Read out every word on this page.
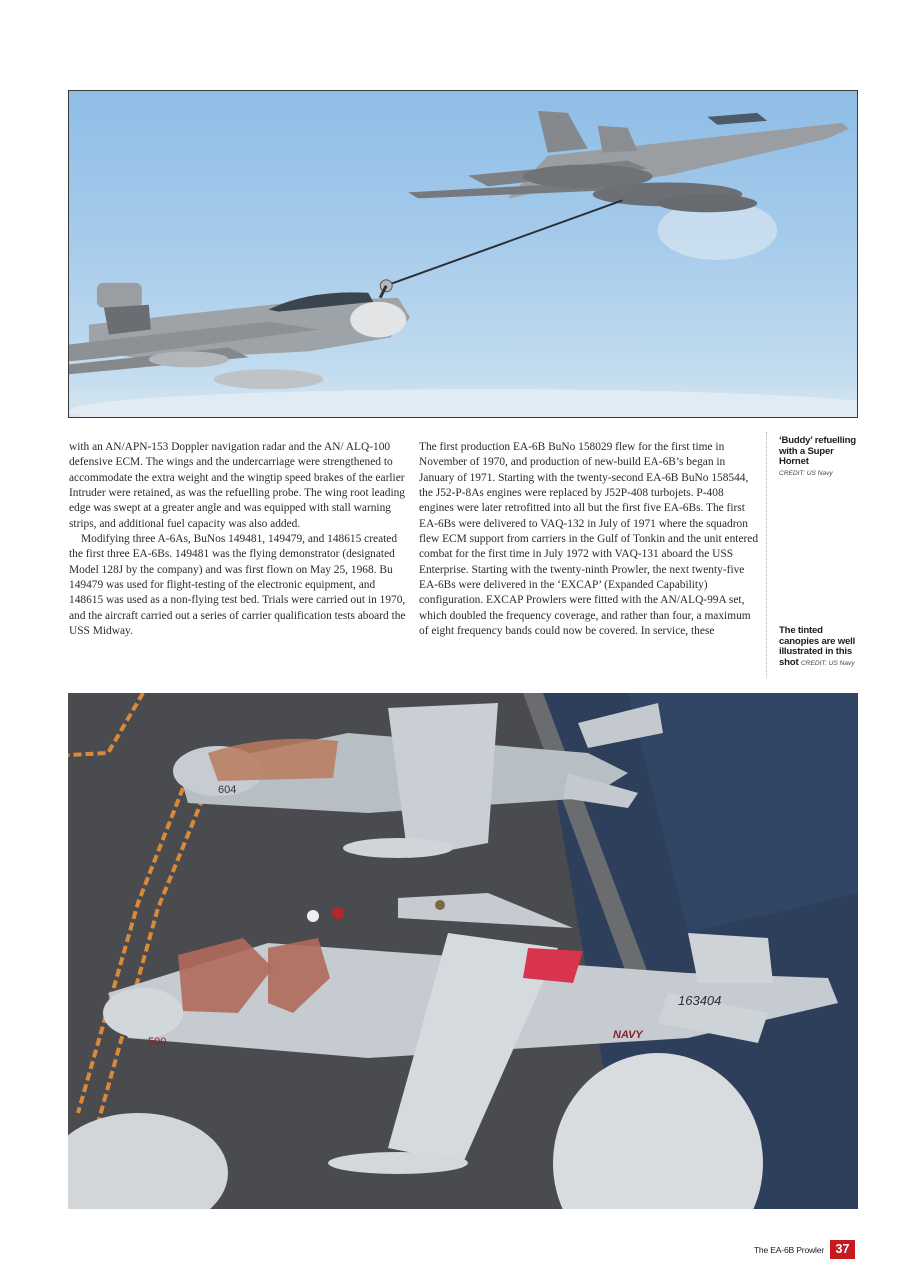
with an AN/APN-153 Doppler navigation radar and the AN/ ALQ-100 defensive ECM. The wings and the undercarriage were strengthened to accommodate the extra weight and the wingtip speed brakes of the earlier Intruder were retained, as was the refuelling probe. The wing root leading edge was swept at a greater angle and was equipped with stall warning strips, and additional fuel capacity was also added.

Modifying three A-6As, BuNos 149481, 149479, and 148615 created the first three EA-6Bs. 149481 was the flying demonstrator (designated Model 128J by the company) and was first flown on May 25, 1968. Bu 149479 was used for flight-testing of the electronic equipment, and 148615 was used as a non-flying test bed. Trials were carried out in 1970, and the aircraft carried out a series of carrier qualification tests aboard the USS Midway.

The first production EA-6B BuNo 158029 flew for the first time in November of 1970, and production of new-build EA-6B’s began in January of 1971. Starting with the twenty-second EA-6B BuNo 158544, the J52-P-8As engines were replaced by J52P-408 turbojets. P-408 engines were later retrofitted into all but the first five EA-6Bs. The first EA-6Bs were delivered to VAQ-132 in July of 1971 where the squadron flew ECM support from carriers in the Gulf of Tonkin and the unit entered combat for the first time in July 1972 with VAQ-131 aboard the USS Enterprise. Starting with the twenty-ninth Prowler, the next twenty-five EA-6Bs were delivered in the ‘EXCAP’ (Expanded Capability) configuration. EXCAP Prowlers were fitted with the AN/ALQ-99A set, which doubled the frequency coverage, and rather than four, a maximum of eight frequency bands could now be covered. In service, these

‘Buddy’ refuelling with a Super Hornet
CREDIT: US Navy
The tinted canopies are well illustrated in this shot CREDIT: US Navy
604
163404
NAVY
500
The EA-6B Prowler 37
